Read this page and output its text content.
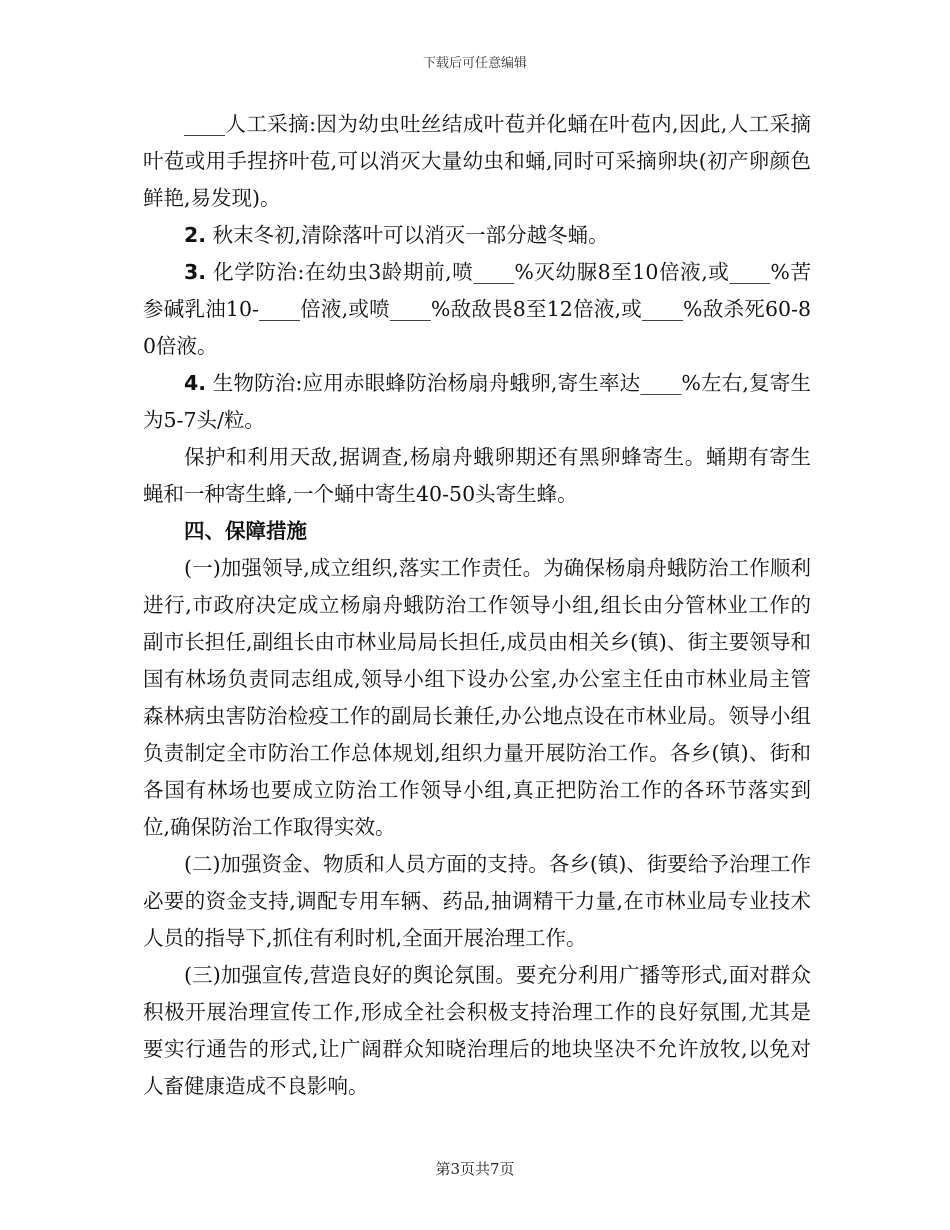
下载后可任意编辑

____人工采摘:因为幼虫吐丝结成叶苞并化蛹在叶苞内,因此,人工采摘叶苞或用手捏挤叶苞,可以消灭大量幼虫和蛹,同时可采摘卵块(初产卵颜色鲜艳,易发现)。

2. 秋末冬初,清除落叶可以消灭一部分越冬蛹。

3. 化学防治:在幼虫3龄期前,喷____%灭幼脲8至10倍液,或____%苦参碱乳油10-____倍液,或喷____%敌敌畏8至12倍液,或____%敌杀死60-80倍液。

4. 生物防治:应用赤眼蜂防治杨扇舟蛾卵,寄生率达____%左右,复寄生为5-7头/粒。

保护和利用天敌,据调查,杨扇舟蛾卵期还有黑卵蜂寄生。蛹期有寄生蝇和一种寄生蜂,一个蛹中寄生40-50头寄生蜂。

四、保障措施

(一)加强领导,成立组织,落实工作责任。为确保杨扇舟蛾防治工作顺利进行,市政府决定成立杨扇舟蛾防治工作领导小组,组长由分管林业工作的副市长担任,副组长由市林业局局长担任,成员由相关乡(镇)、街主要领导和国有林场负责同志组成,领导小组下设办公室,办公室主任由市林业局主管森林病虫害防治检疫工作的副局长兼任,办公地点设在市林业局。领导小组负责制定全市防治工作总体规划,组织力量开展防治工作。各乡(镇)、街和各国有林场也要成立防治工作领导小组,真正把防治工作的各环节落实到位,确保防治工作取得实效。

(二)加强资金、物质和人员方面的支持。各乡(镇)、街要给予治理工作必要的资金支持,调配专用车辆、药品,抽调精干力量,在市林业局专业技术人员的指导下,抓住有利时机,全面开展治理工作。

(三)加强宣传,营造良好的舆论氛围。要充分利用广播等形式,面对群众积极开展治理宣传工作,形成全社会积极支持治理工作的良好氛围,尤其是要实行通告的形式,让广阔群众知晓治理后的地块坚决不允许放牧,以免对人畜健康造成不良影响。

第3页共7页
